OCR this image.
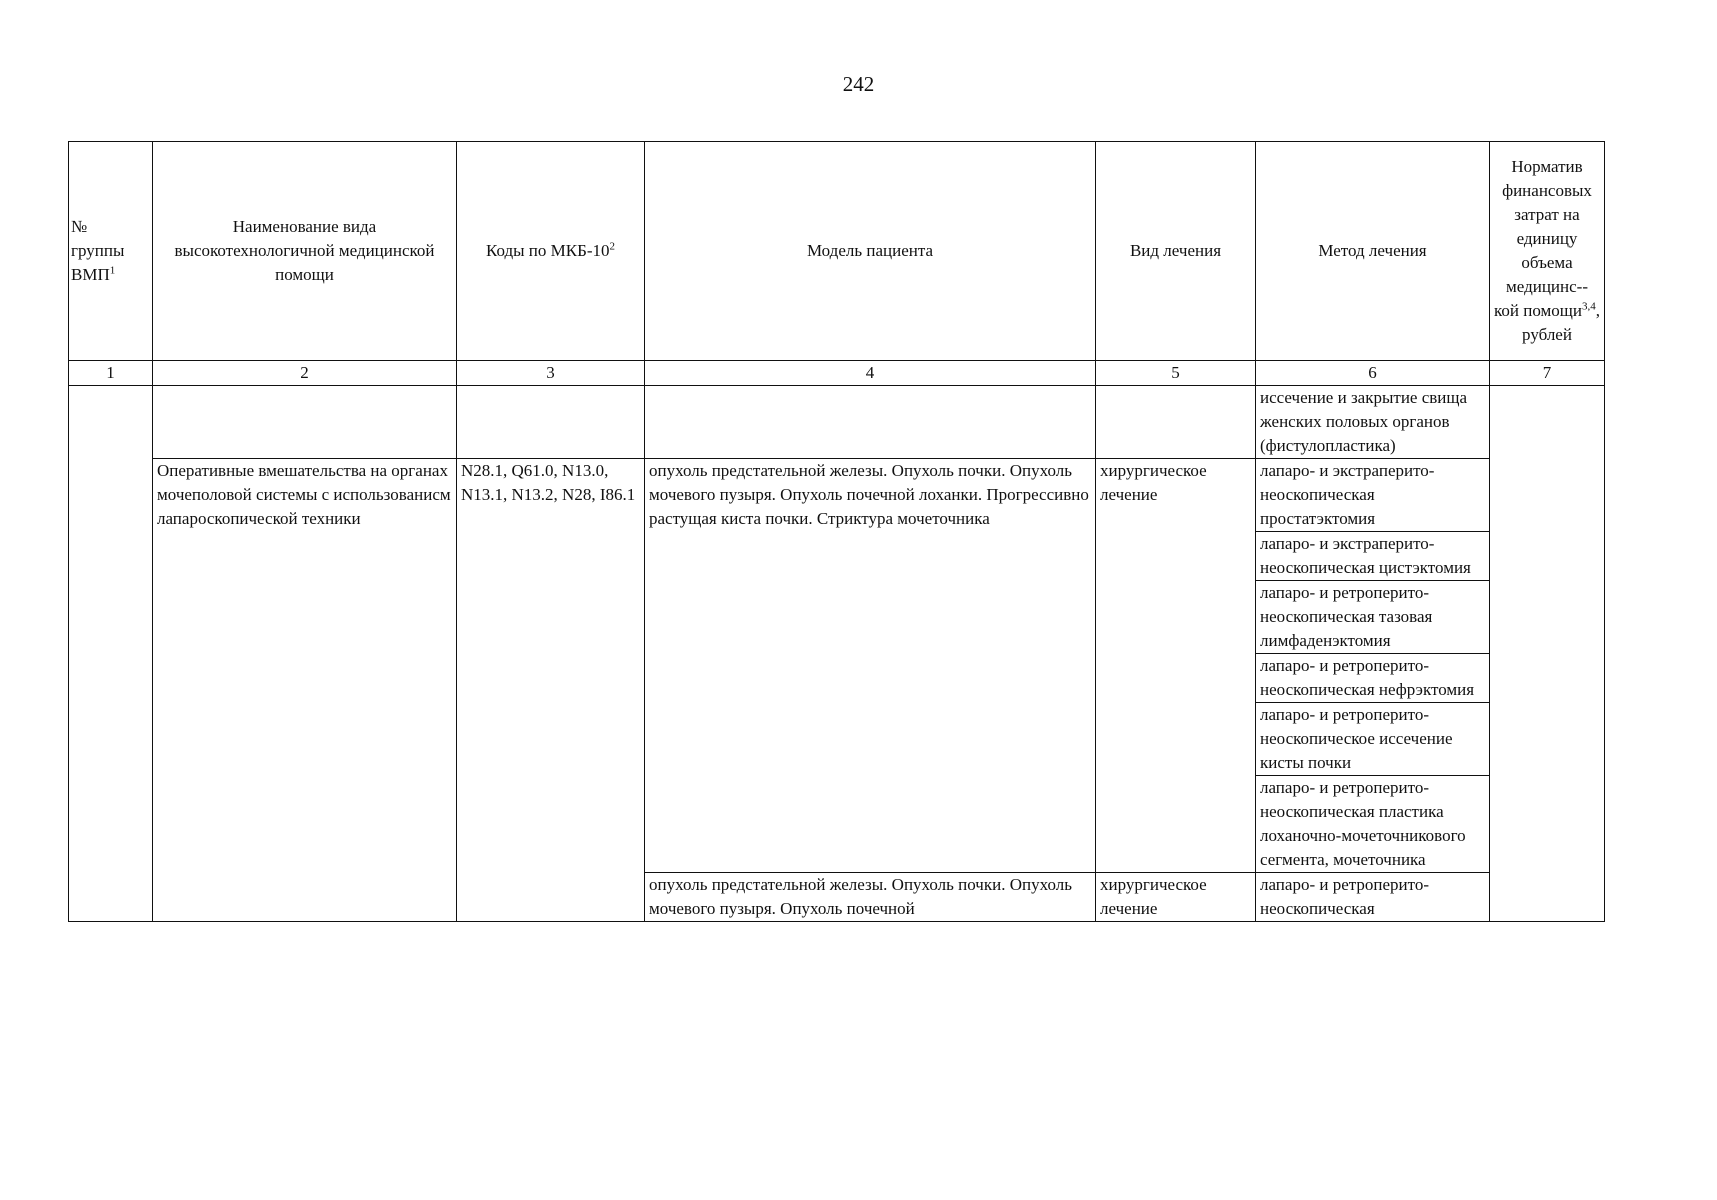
242
№
группы
ВМП$^1$	Наименование вида высокотехнологичной медицинской помощи	Коды по МКБ-$10^2$	Модель пациента	Вид лечения	Метод лечения	Норматив финансовых затрат на единицу объема медицинс--кой помощи$^{3,4}$, рублей
1	2	3	4	5	6	7
					иссечение и закрытие свища женских половых органов (фистулопластика)	
	Оперативные вмешательства на органах мочеполовой системы с использованисм лапароскопической техники	N28.1, Q61.0, N13.0, N13.1, N13.2, N28, I86.1	опухоль предстательной железы. Опухоль почки. Опухоль мочевого пузыря. Опухоль почечной лоханки. Прогрессивно растущая киста почки. Стриктура мочеточника	хирургическое лечение	лапаро- и экстраперито-неоскопическая простатэктомия	
					лапаро- и экстраперито-неоскопическая цистэктомия	
					лапаро- и ретроперито-неоскопическая тазовая лимфаденэктомия	
					лапаро- и ретроперито-неоскопическая нефрэктомия	
					лапаро- и ретроперито-неоскопическое иссечение кисты почки	
					лапаро- и ретроперито-неоскопическая пластика лоханочно-мочеточникового сегмента, мочеточника	
			опухоль предстательной железы. Опухоль почки. Опухоль мочевого пузыря. Опухоль почечной	хирургическое лечение	лапаро- и ретроперито-неоскопическая	
